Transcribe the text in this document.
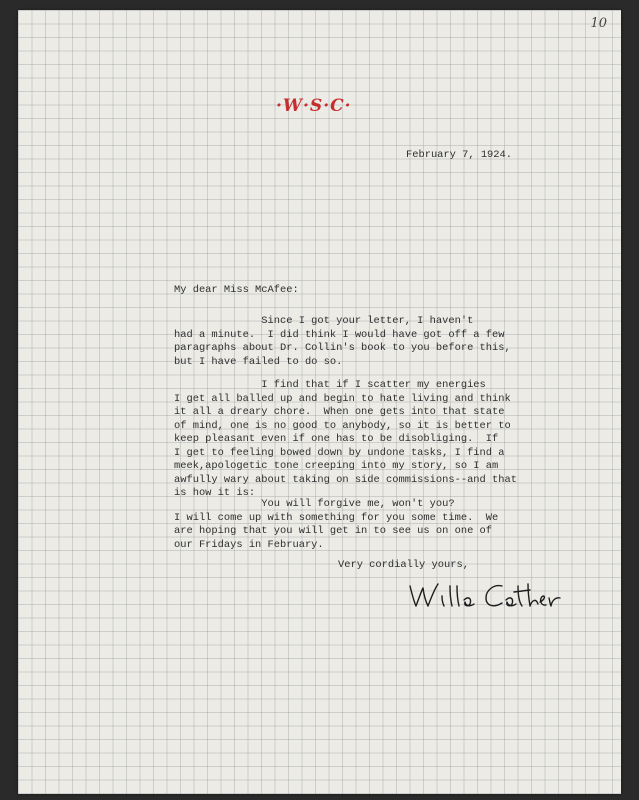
10
·W·S·C·
February 7, 1924.
My dear Miss McAfee:
Since I got your letter, I haven't
had a minute.  I did think I would have got off a few
paragraphs about Dr. Collin's book to you before this,
but I have failed to do so.
I find that if I scatter my energies
I get all balled up and begin to hate living and think
it all a dreary chore.  When one gets into that state
of mind, one is no good to anybody, so it is better to
keep pleasant even if one has to be disobliging.  If
I get to feeling bowed down by undone tasks, I find a
meek,apologetic tone creeping into my story, so I am
awfully wary about taking on side commissions--and that
is how it is:
You will forgive me, won't you?
I will come up with something for you some time.  We
are hoping that you will get in to see us on one of
our Fridays in February.
Very cordially yours,
